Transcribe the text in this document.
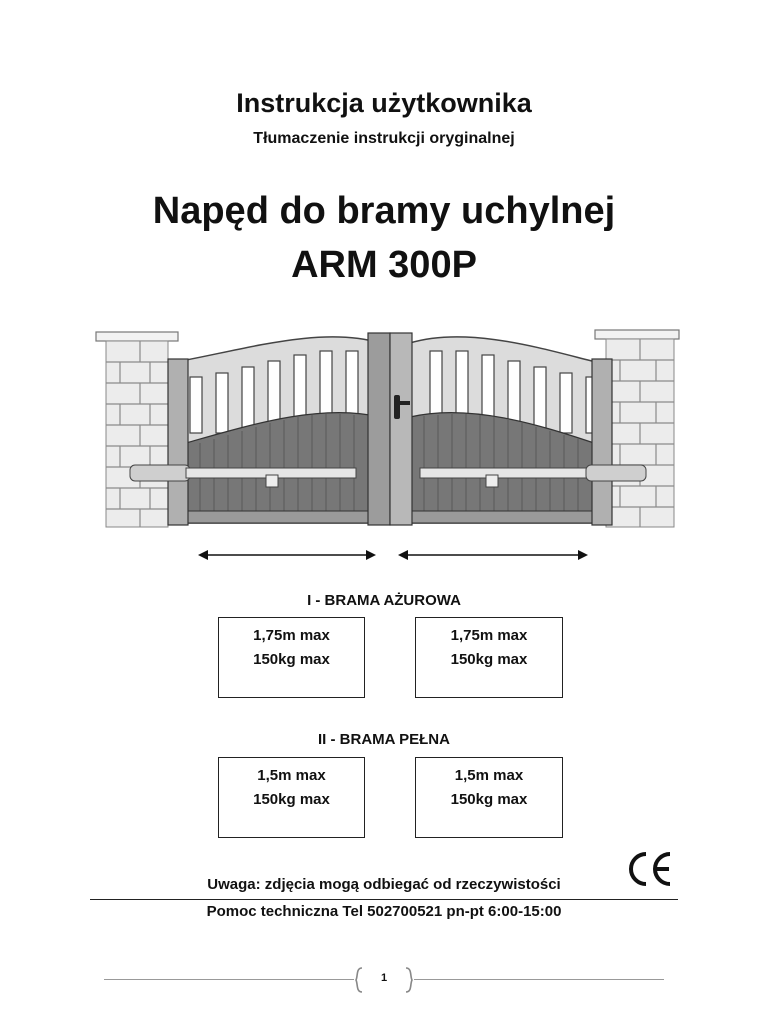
Instrukcja użytkownika
Tłumaczenie instrukcji oryginalnej
Napęd do bramy uchylnej
ARM 300P
I - BRAMA AŻUROWA
1,75m max
150kg max
1,75m max
150kg max
II - BRAMA PEŁNA
1,5m max
150kg max
1,5m max
150kg max
Uwaga: zdjęcia mogą odbiegać od rzeczywistości
Pomoc techniczna Tel 502700521 pn-pt 6:00-15:00
1
